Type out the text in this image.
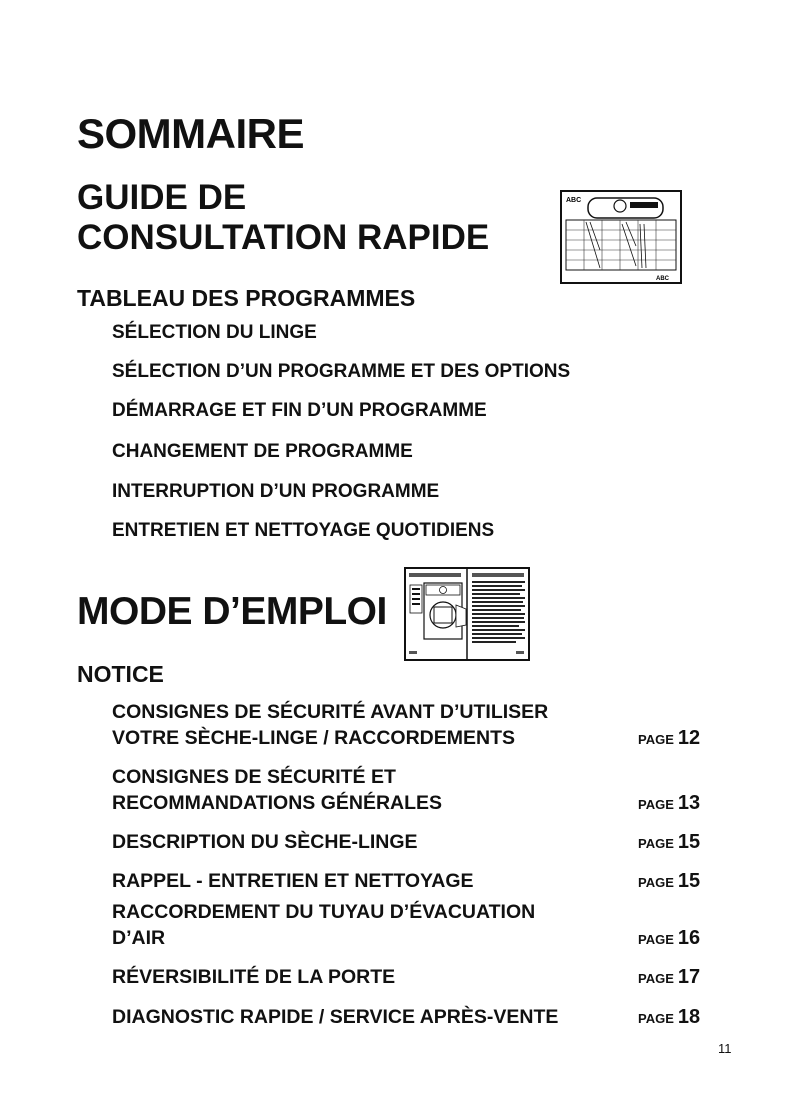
SOMMAIRE
GUIDE DE
CONSULTATION RAPIDE
ABC
ABC
TABLEAU DES PROGRAMMES
SÉLECTION DU LINGE
SÉLECTION D’UN PROGRAMME ET DES OPTIONS
DÉMARRAGE ET FIN D’UN PROGRAMME
CHANGEMENT DE PROGRAMME
INTERRUPTION D’UN PROGRAMME
ENTRETIEN ET NETTOYAGE QUOTIDIENS
MODE D’EMPLOI
NOTICE
CONSIGNES DE SÉCURITÉ AVANT D’UTILISER
VOTRE SÈCHE-LINGE / RACCORDEMENTS	PAGE 12
CONSIGNES DE SÉCURITÉ ET
RECOMMANDATIONS GÉNÉRALES	PAGE 13
DESCRIPTION DU SÈCHE-LINGE	PAGE 15
RAPPEL - ENTRETIEN ET NETTOYAGE	PAGE 15
RACCORDEMENT DU TUYAU D’ÉVACUATION
D’AIR	PAGE 16
RÉVERSIBILITÉ DE LA PORTE	PAGE 17
DIAGNOSTIC RAPIDE / SERVICE APRÈS-VENTE	PAGE 18
11
